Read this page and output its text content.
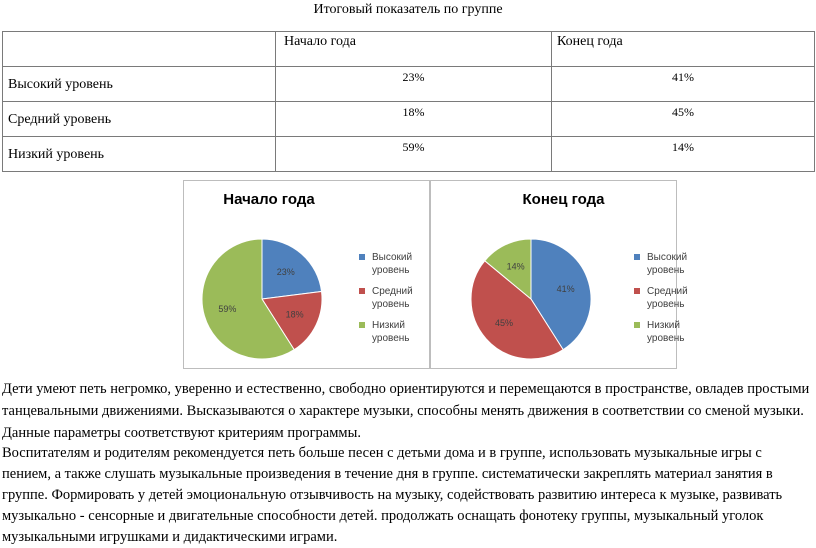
Итоговый показатель по группе
	Начало года	Конец года
Высокий уровень	23%	41%
Средний уровень	18%	45%
Низкий уровень	59%	14%
Начало года
23%
18%
59%
Высокий
уровень
Средний
уровень
Низкий
уровень
Конец года
41%
45%
14%
Высокий
уровень
Средний
уровень
Низкий
уровень

Дети умеют петь негромко, уверенно и естественно, свободно ориентируются и перемещаются в пространстве, овладев простыми танцевальными движениями. Высказываются о характере музыки, способны менять движения в соответствии со сменой музыки. Данные параметры соответствуют критериям программы.

Воспитателям и родителям рекомендуется петь больше песен с детьми дома и в группе, использовать музыкальные игры с пением, а также слушать музыкальные произведения в течение дня в группе. систематически закреплять материал занятия в группе. Формировать у детей эмоциональную отзывчивость на музыку, содействовать развитию интереса к музыке, развивать музыкально - сенсорные и двигательные способности детей. продолжать оснащать фонотеку группы, музыкальный уголок музыкальными игрушками и дидактическими играми.
